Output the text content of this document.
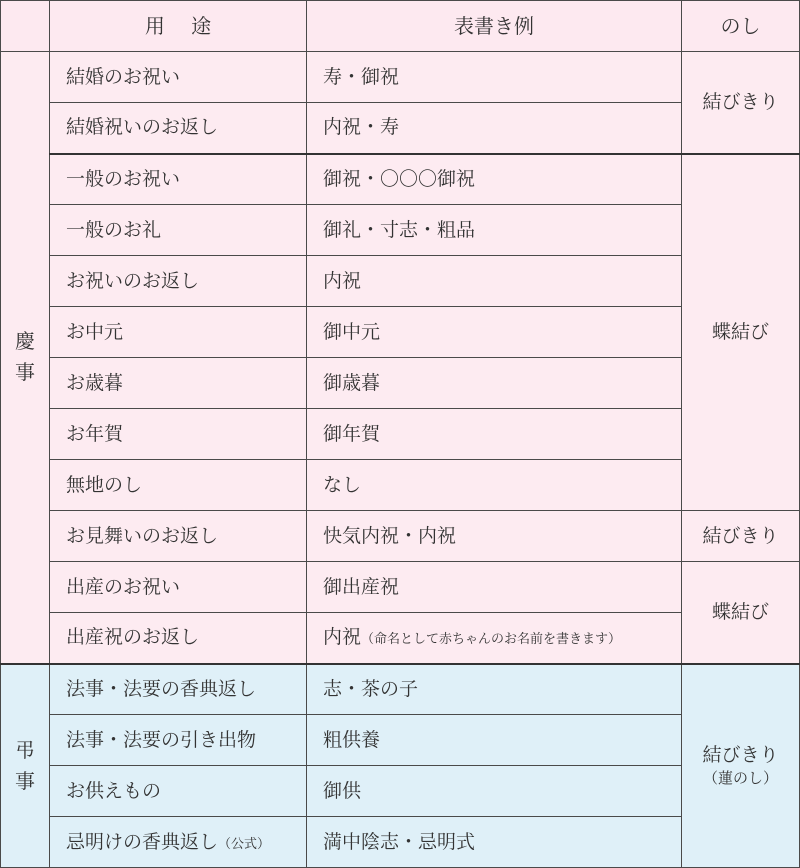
	用　 途	表書き例	のし

慶
事	結婚のお祝い	寿・御祝	結びきり
	結婚祝いのお返し	内祝・寿	
	一般のお祝い	御祝・〇〇〇御祝	蝶結び
	一般のお礼	御礼・寸志・粗品	
	お祝いのお返し	内祝	
	お中元	御中元	
	お歳暮	御歳暮	
	お年賀	御年賀	
	無地のし	なし	
	お見舞いのお返し	快気内祝・内祝	結びきり
	出産のお祝い	御出産祝	蝶結び
	出産祝のお返し	内祝（命名として赤ちゃんのお名前を書きます）	

弔
事	法事・法要の香典返し	志・茶の子	結びきり
（蓮のし）

	法事・法要の引き出物	粗供養	
	お供えもの	御供	
	忌明けの香典返し（公式）	満中陰志・忌明式	
